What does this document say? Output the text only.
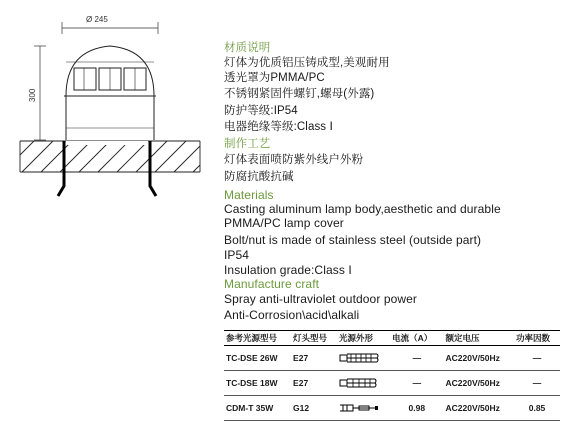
Ø 245
300
材质说明
灯体为优质铝压铸成型,美观耐用
透光罩为PMMA/PC
不锈钢紧固件螺钉,螺母(外露)
防护等级:IP54
电器绝缘等级:Class Ⅰ
制作工艺
灯体表面喷防紫外线户外粉
防腐抗酸抗碱
Materials
Casting aluminum lamp body,aesthetic and durable
PMMA/PC lamp cover
Bolt/nut is made of stainless steel (outside part)
IP54
Insulation grade:Class I
Manufacture craft
Spray anti-ultraviolet outdoor power
Anti-Corrosion\acid\alkali
参考光源型号	灯头型号	光源外形	电流（A）	额定电压	功率因数
TC-DSE 26W	E27		—	AC220V/50Hz	—
TC-DSE 18W	E27		—	AC220V/50Hz	—
CDM-T 35W	G12		0.98	AC220V/50Hz	0.85
